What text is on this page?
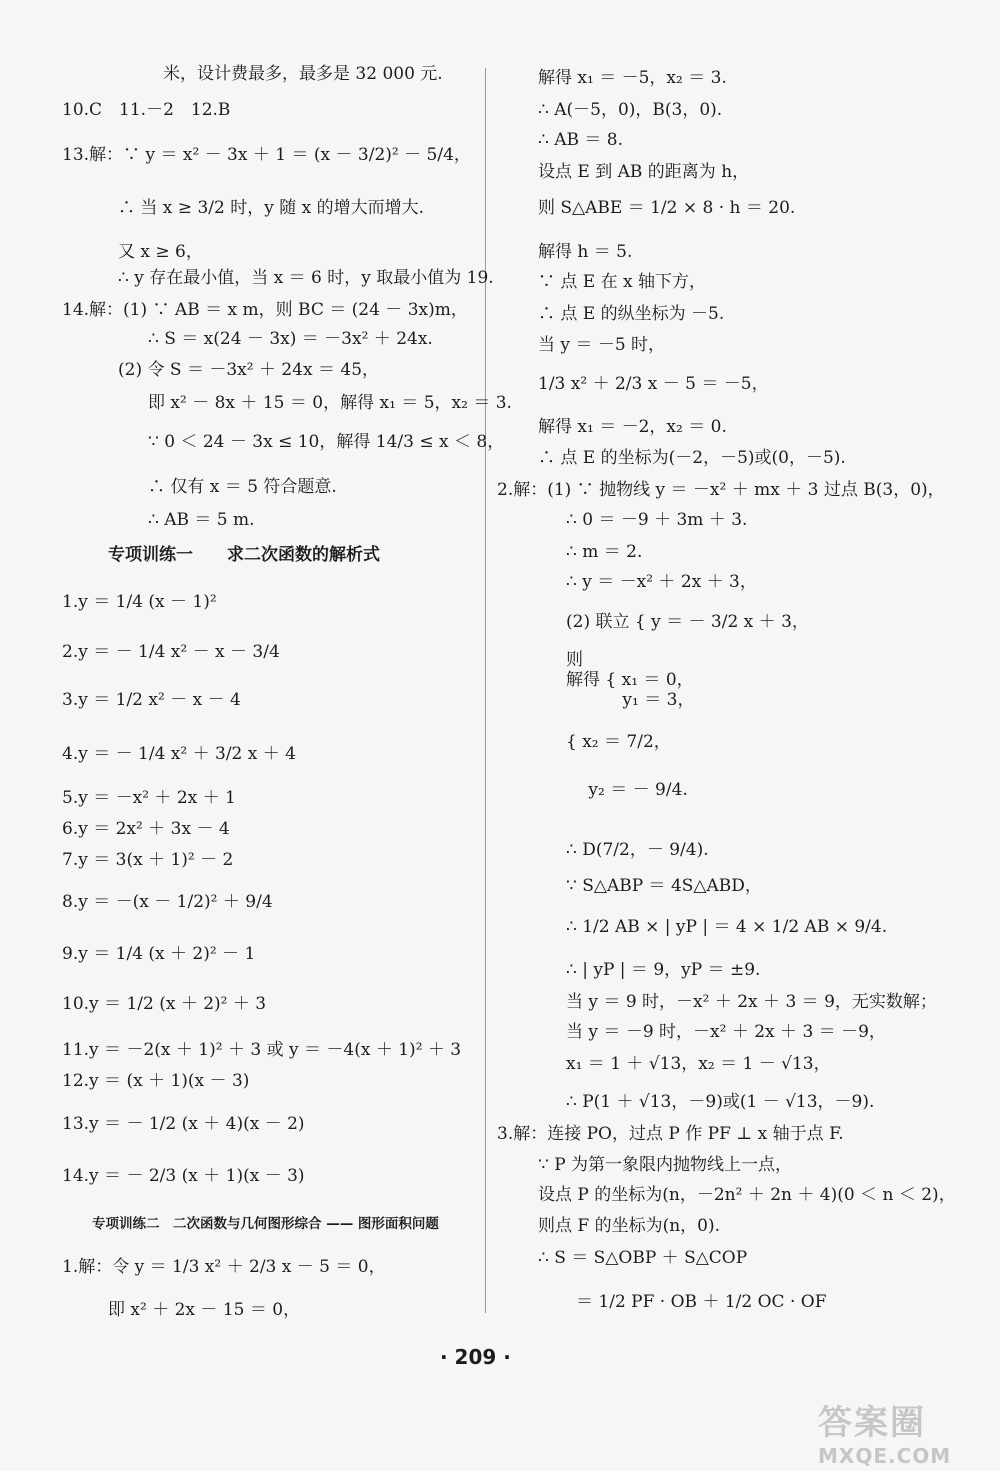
米，设计费最多，最多是 32 000 元.
10.C　11.－2　12.B
13.解：∵ y ＝ x² － 3x ＋ 1 ＝ (x － 3/2)² － 5/4，
∴ 当 x ≥ 3/2 时，y 随 x 的增大而增大.
又 x ≥ 6，
∴ y 存在最小值，当 x ＝ 6 时，y 取最小值为 19.
14.解：(1) ∵ AB ＝ x m，则 BC ＝ (24 － 3x)m，
∴ S ＝ x(24 － 3x) ＝ －3x² ＋ 24x.
(2) 令 S ＝ －3x² ＋ 24x ＝ 45，
即 x² － 8x ＋ 15 ＝ 0，解得 x₁ ＝ 5，x₂ ＝ 3.
∵ 0 ＜ 24 － 3x ≤ 10，解得 14/3 ≤ x ＜ 8，
∴ 仅有 x ＝ 5 符合题意.
∴ AB ＝ 5 m.
专项训练一　　求二次函数的解析式
1.y ＝ 1/4 (x － 1)²
2.y ＝ － 1/4 x² － x － 3/4
3.y ＝ 1/2 x² － x － 4
4.y ＝ － 1/4 x² ＋ 3/2 x ＋ 4
5.y ＝ －x² ＋ 2x ＋ 1
6.y ＝ 2x² ＋ 3x － 4
7.y ＝ 3(x ＋ 1)² － 2
8.y ＝ －(x － 1/2)² ＋ 9/4
9.y ＝ 1/4 (x ＋ 2)² － 1
10.y ＝ 1/2 (x ＋ 2)² ＋ 3
11.y ＝ －2(x ＋ 1)² ＋ 3 或 y ＝ －4(x ＋ 1)² ＋ 3
12.y ＝ (x ＋ 1)(x － 3)
13.y ＝ － 1/2 (x ＋ 4)(x － 2)
14.y ＝ － 2/3 (x ＋ 1)(x － 3)
专项训练二　二次函数与几何图形综合 —— 图形面积问题
1.解：令 y ＝ 1/3 x² ＋ 2/3 x － 5 ＝ 0，
即 x² ＋ 2x － 15 ＝ 0，
解得 x₁ ＝ －5，x₂ ＝ 3.
∴ A(－5，0)，B(3，0).
∴ AB ＝ 8.
设点 E 到 AB 的距离为 h，
则 S△ABE ＝ 1/2 × 8 · h ＝ 20.
解得 h ＝ 5.
∵ 点 E 在 x 轴下方，
∴ 点 E 的纵坐标为 －5.
当 y ＝ －5 时，
1/3 x² ＋ 2/3 x － 5 ＝ －5，
解得 x₁ ＝ －2，x₂ ＝ 0.
∴ 点 E 的坐标为(－2，－5)或(0，－5).
2.解：(1) ∵ 抛物线 y ＝ －x² ＋ mx ＋ 3 过点 B(3，0)，
∴ 0 ＝ －9 ＋ 3m ＋ 3.
∴ m ＝ 2.
∴ y ＝ －x² ＋ 2x ＋ 3，
(2) 联立 { y ＝ － 3/2 x ＋ 3，
则
解得 { x₁ ＝ 0，
　　　 y₁ ＝ 3，
{ x₂ ＝ 7/2，
　 y₂ ＝ － 9/4.
∴ D(7/2，－ 9/4).
∵ S△ABP ＝ 4S△ABD，
∴ 1/2 AB × | yP | ＝ 4 × 1/2 AB × 9/4.
∴ | yP | ＝ 9，yP ＝ ±9.
当 y ＝ 9 时，－x² ＋ 2x ＋ 3 ＝ 9，无实数解；
当 y ＝ －9 时，－x² ＋ 2x ＋ 3 ＝ －9，
x₁ ＝ 1 ＋ √13，x₂ ＝ 1 － √13，
∴ P(1 ＋ √13，－9)或(1 － √13，－9).
3.解：连接 PO，过点 P 作 PF ⊥ x 轴于点 F.
∵ P 为第一象限内抛物线上一点，
设点 P 的坐标为(n，－2n² ＋ 2n ＋ 4)(0 ＜ n ＜ 2)，
则点 F 的坐标为(n，0).
∴ S ＝ S△OBP ＋ S△COP
＝ 1/2 PF · OB ＋ 1/2 OC · OF
· 209 ·
答案圈
MXQE.COM
